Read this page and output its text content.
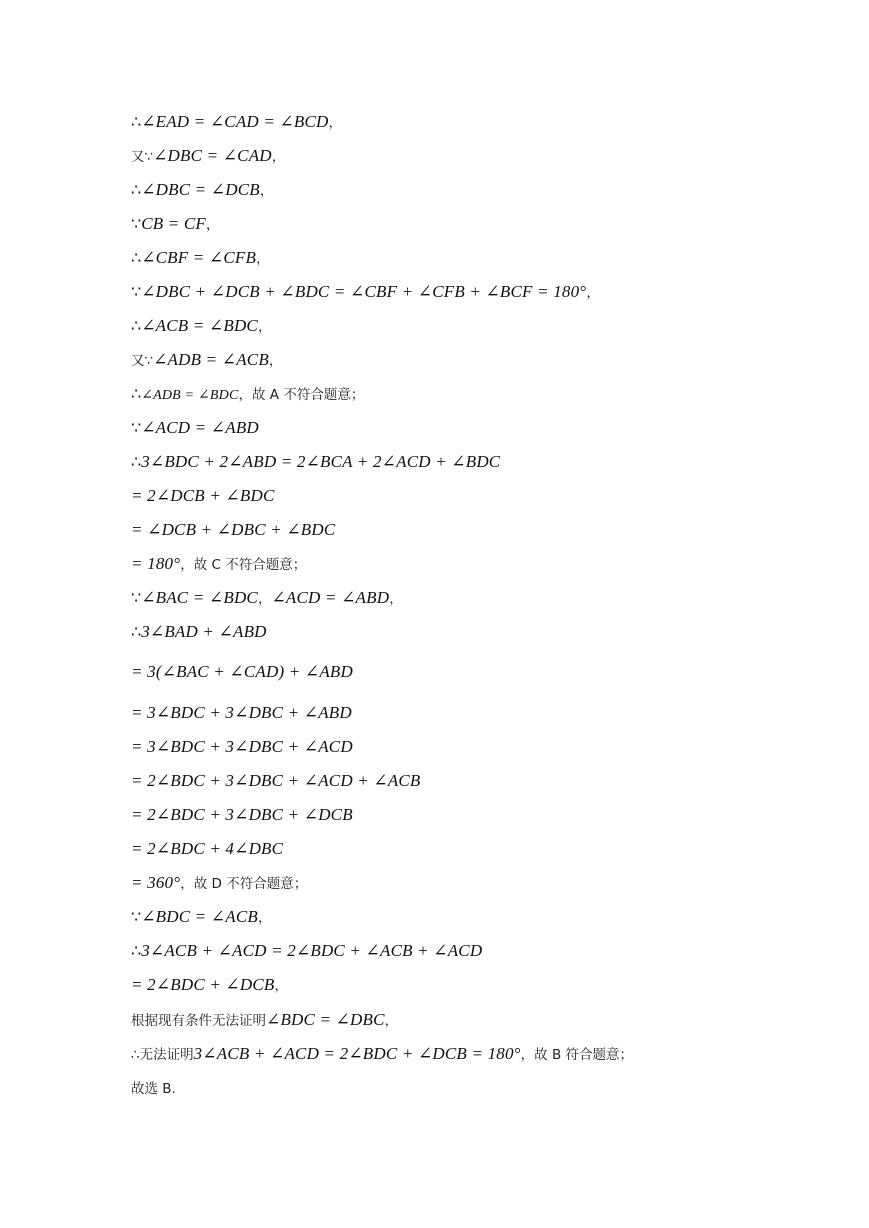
∴∠EAD = ∠CAD = ∠BCD，
又∵∠DBC = ∠CAD，
∴∠DBC = ∠DCB，
∵CB = CF，
∴∠CBF = ∠CFB，
∵∠DBC + ∠DCB + ∠BDC = ∠CBF + ∠CFB + ∠BCF = 180°，
∴∠ACB = ∠BDC，
又∵∠ADB = ∠ACB，
∴∠ADB = ∠BDC，故 A 不符合题意；
∵∠ACD = ∠ABD
∴3∠BDC + 2∠ABD = 2∠BCA + 2∠ACD + ∠BDC
= 2∠DCB + ∠BDC
= ∠DCB + ∠DBC + ∠BDC
= 180°，故 C 不符合题意；
∵∠BAC = ∠BDC，∠ACD = ∠ABD，
∴3∠BAD + ∠ABD
= 3(∠BAC + ∠CAD) + ∠ABD
= 3∠BDC + 3∠DBC + ∠ABD
= 3∠BDC + 3∠DBC + ∠ACD
= 2∠BDC + 3∠DBC + ∠ACD + ∠ACB
= 2∠BDC + 3∠DBC + ∠DCB
= 2∠BDC + 4∠DBC
= 360°，故 D 不符合题意；
∵∠BDC = ∠ACB，
∴3∠ACB + ∠ACD = 2∠BDC + ∠ACB + ∠ACD
= 2∠BDC + ∠DCB，
根据现有条件无法证明∠BDC = ∠DBC，
∴无法证明3∠ACB + ∠ACD = 2∠BDC + ∠DCB = 180°，故 B 符合题意；
故选 B.
